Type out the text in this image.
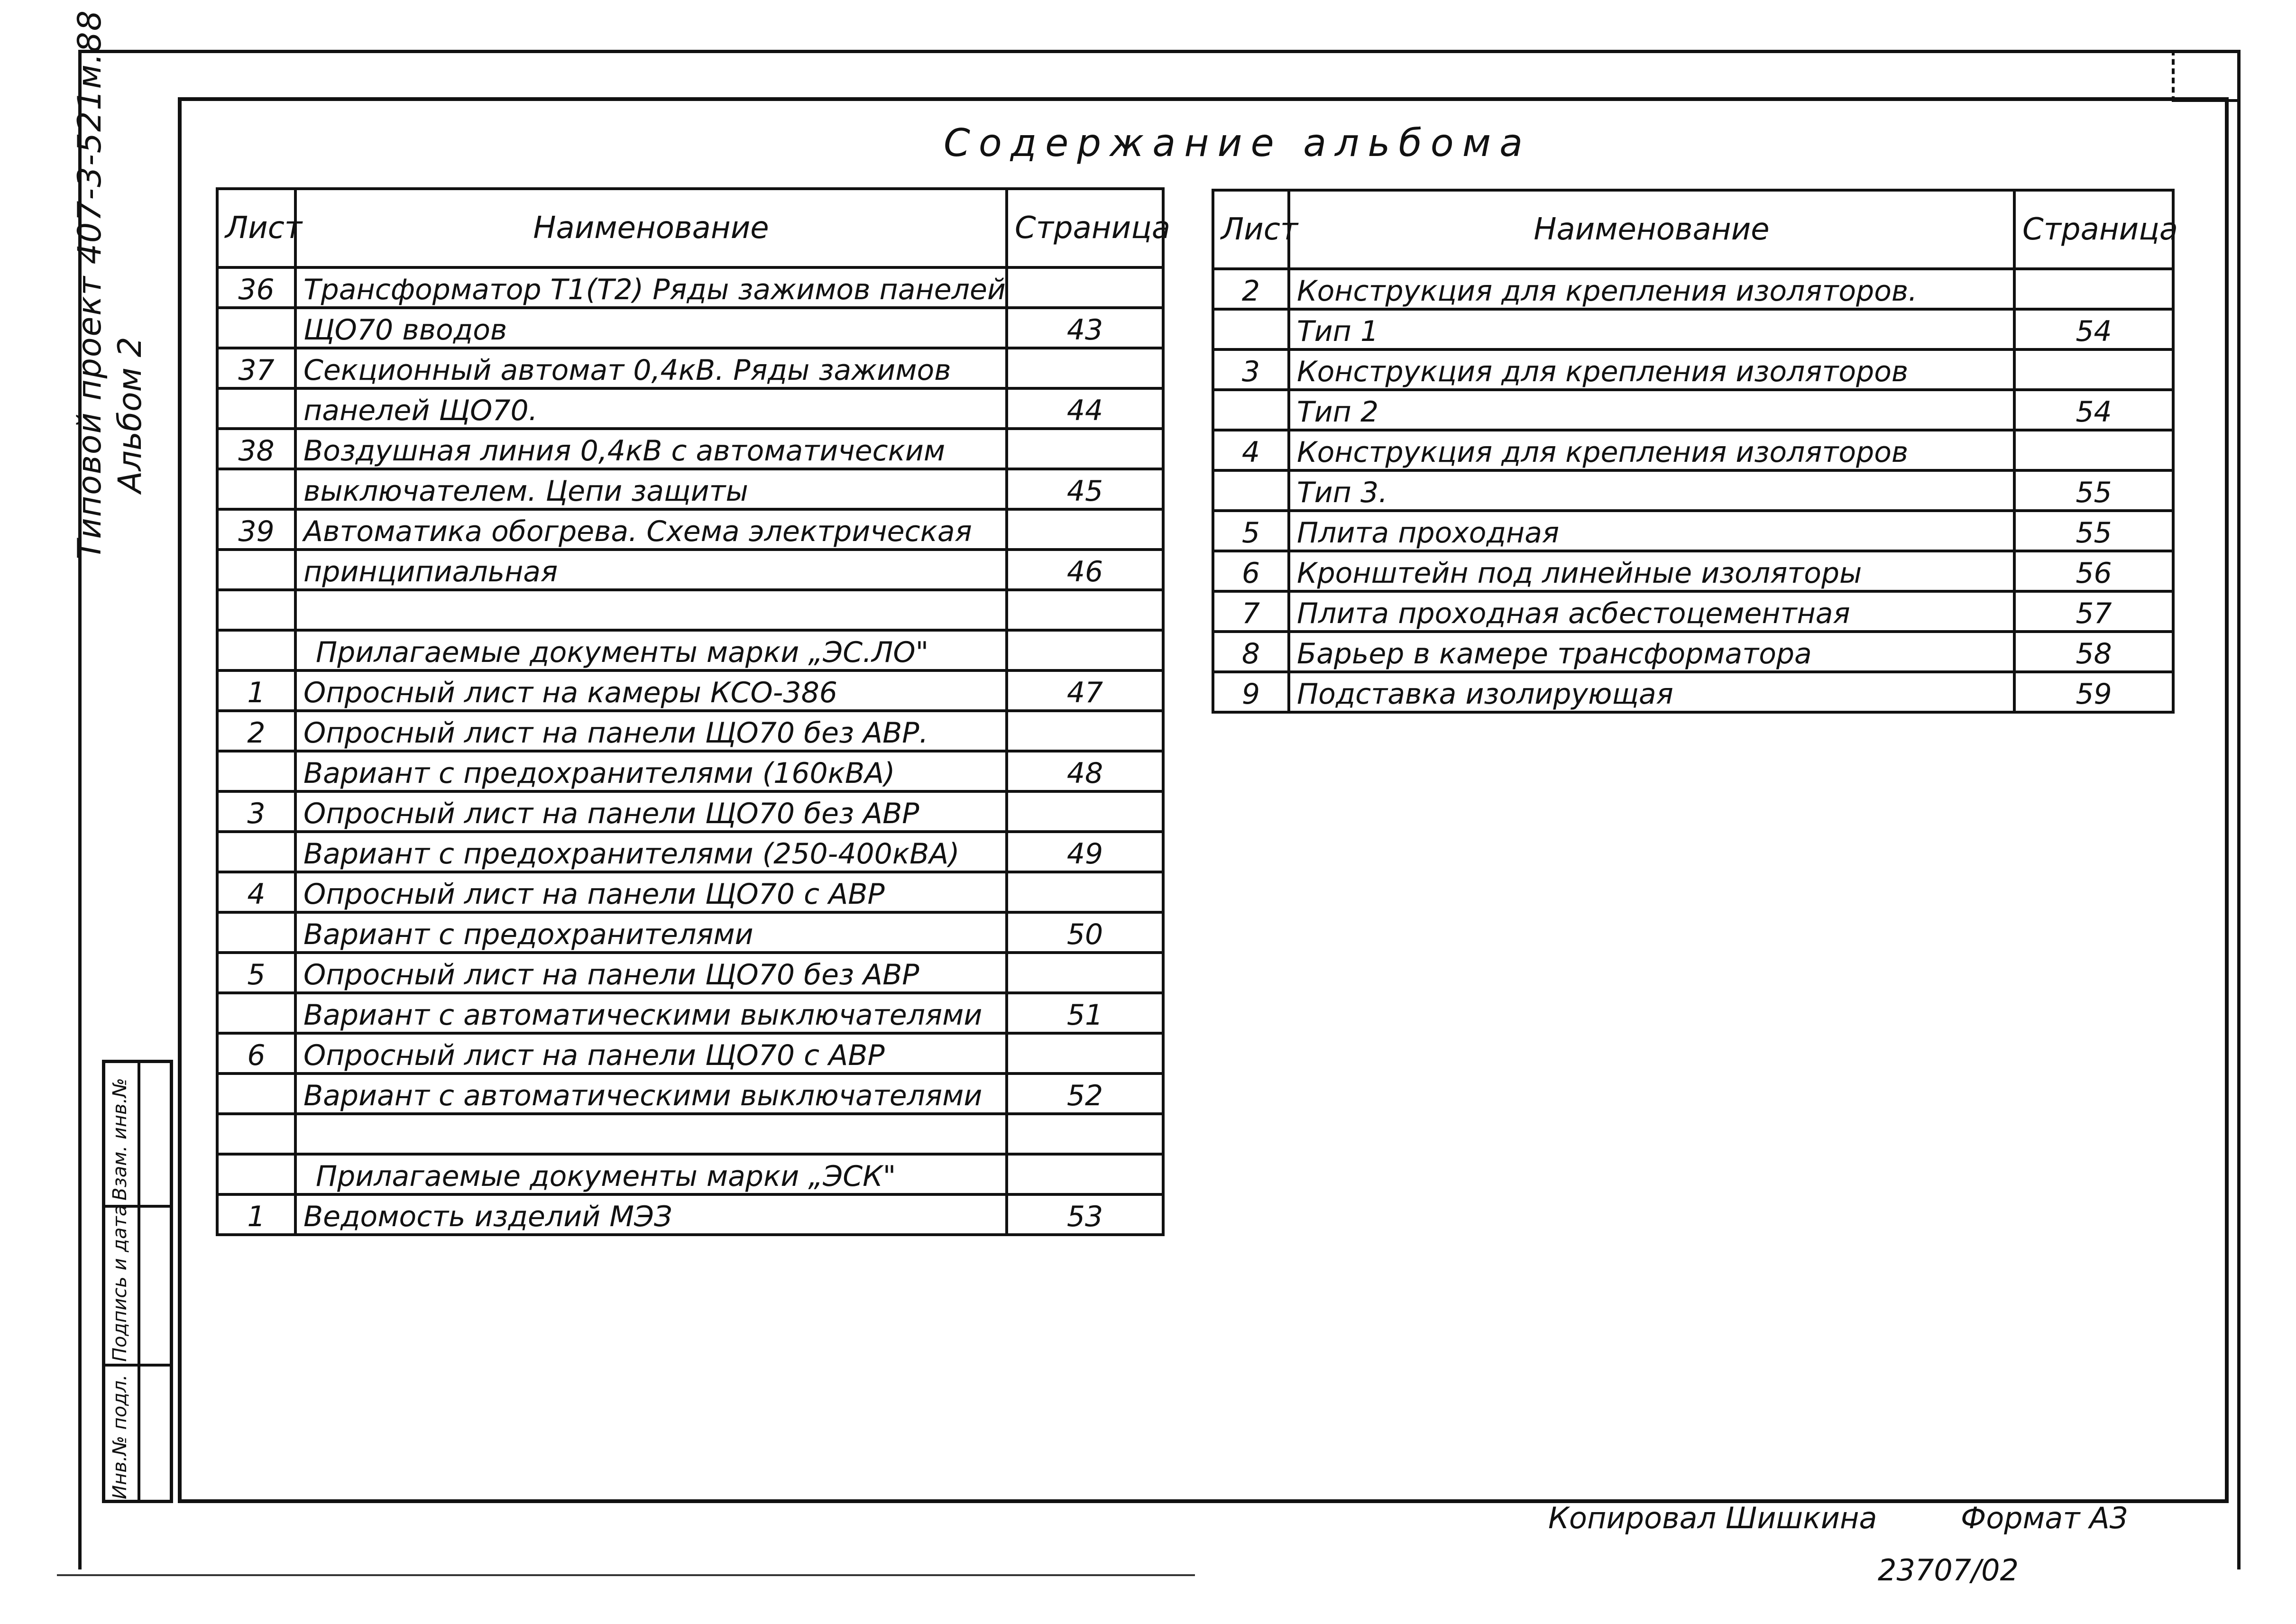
Типовой проект 407-3-521м.88 Альбом 2
Взам. инв.№
Подпись и дата
Инв.№ подл.
Содержание альбома
Лист	Наименование	Страница
36	Трансформатор Т1(Т2) Ряды зажимов панелей	
	ЩО70 вводов	43
37	Секционный автомат 0,4кВ. Ряды зажимов	
	панелей ЩО70.	44
38	Воздушная линия 0,4кВ с автоматическим	
	выключателем. Цепи защиты	45
39	Автоматика обогрева. Схема электрическая	
	принципиальная	46

	Прилагаемые документы марки „ЭС.ЛО"	
1	Опросный лист на камеры КСО-386	47
2	Опросный лист на панели ЩО70 без АВР.	
	Вариант с предохранителями (160кВА)	48
3	Опросный лист на панели ЩО70 без АВР	
	Вариант с предохранителями (250-400кВА)	49
4	Опросный лист на панели ЩО70 с АВР	
	Вариант с предохранителями	50
5	Опросный лист на панели ЩО70 без АВР	
	Вариант с автоматическими выключателями	51
6	Опросный лист на панели ЩО70 с АВР	
	Вариант с автоматическими выключателями	52

	Прилагаемые документы марки „ЭСК"	
1	Ведомость изделий МЭЗ	53
Лист	Наименование	Страница
2	Конструкция для крепления изоляторов.	
	Тип 1	54
3	Конструкция для крепления изоляторов	
	Тип 2	54
4	Конструкция для крепления изоляторов	
	Тип 3.	55
5	Плита проходная	55
6	Кронштейн под линейные изоляторы	56
7	Плита проходная асбестоцементная	57
8	Барьер в камере трансформатора	58
9	Подставка изолирующая	59
Копировал Шишкина	Формат А3
23707/02
